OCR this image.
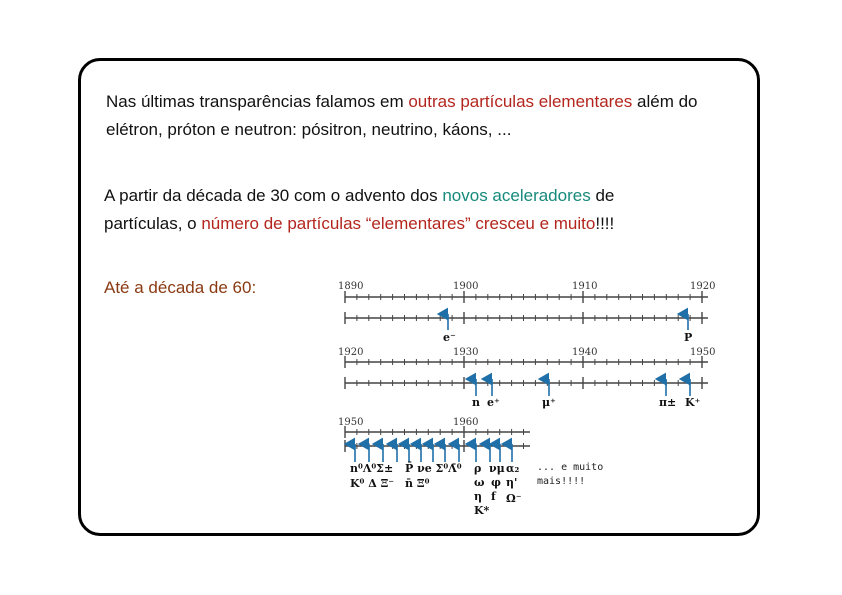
Nas últimas transparências falamos em outras partículas elementares além do elétron, próton e neutron: pósitron, neutrino, káons, ...

A partir da década de 30 com o advento dos novos aceleradores de partículas, o número de partículas “elementares” cresceu e muito!!!!

Até a década de 60:	1890	1900	1910	1920
e⁻	P
1920	1930	1940	1950
n e⁺	μ⁺	π± K⁺
1950	1960
n⁰Λ⁰Σ±
K⁰ Δ Ξ⁻
P̄ νe Σ⁰Λ̄⁰
n̄ Ξ⁰
ρ
ω
η
K*
νμ
φ
f
α₂
η'
Ω⁻
... e muito
mais!!!!
